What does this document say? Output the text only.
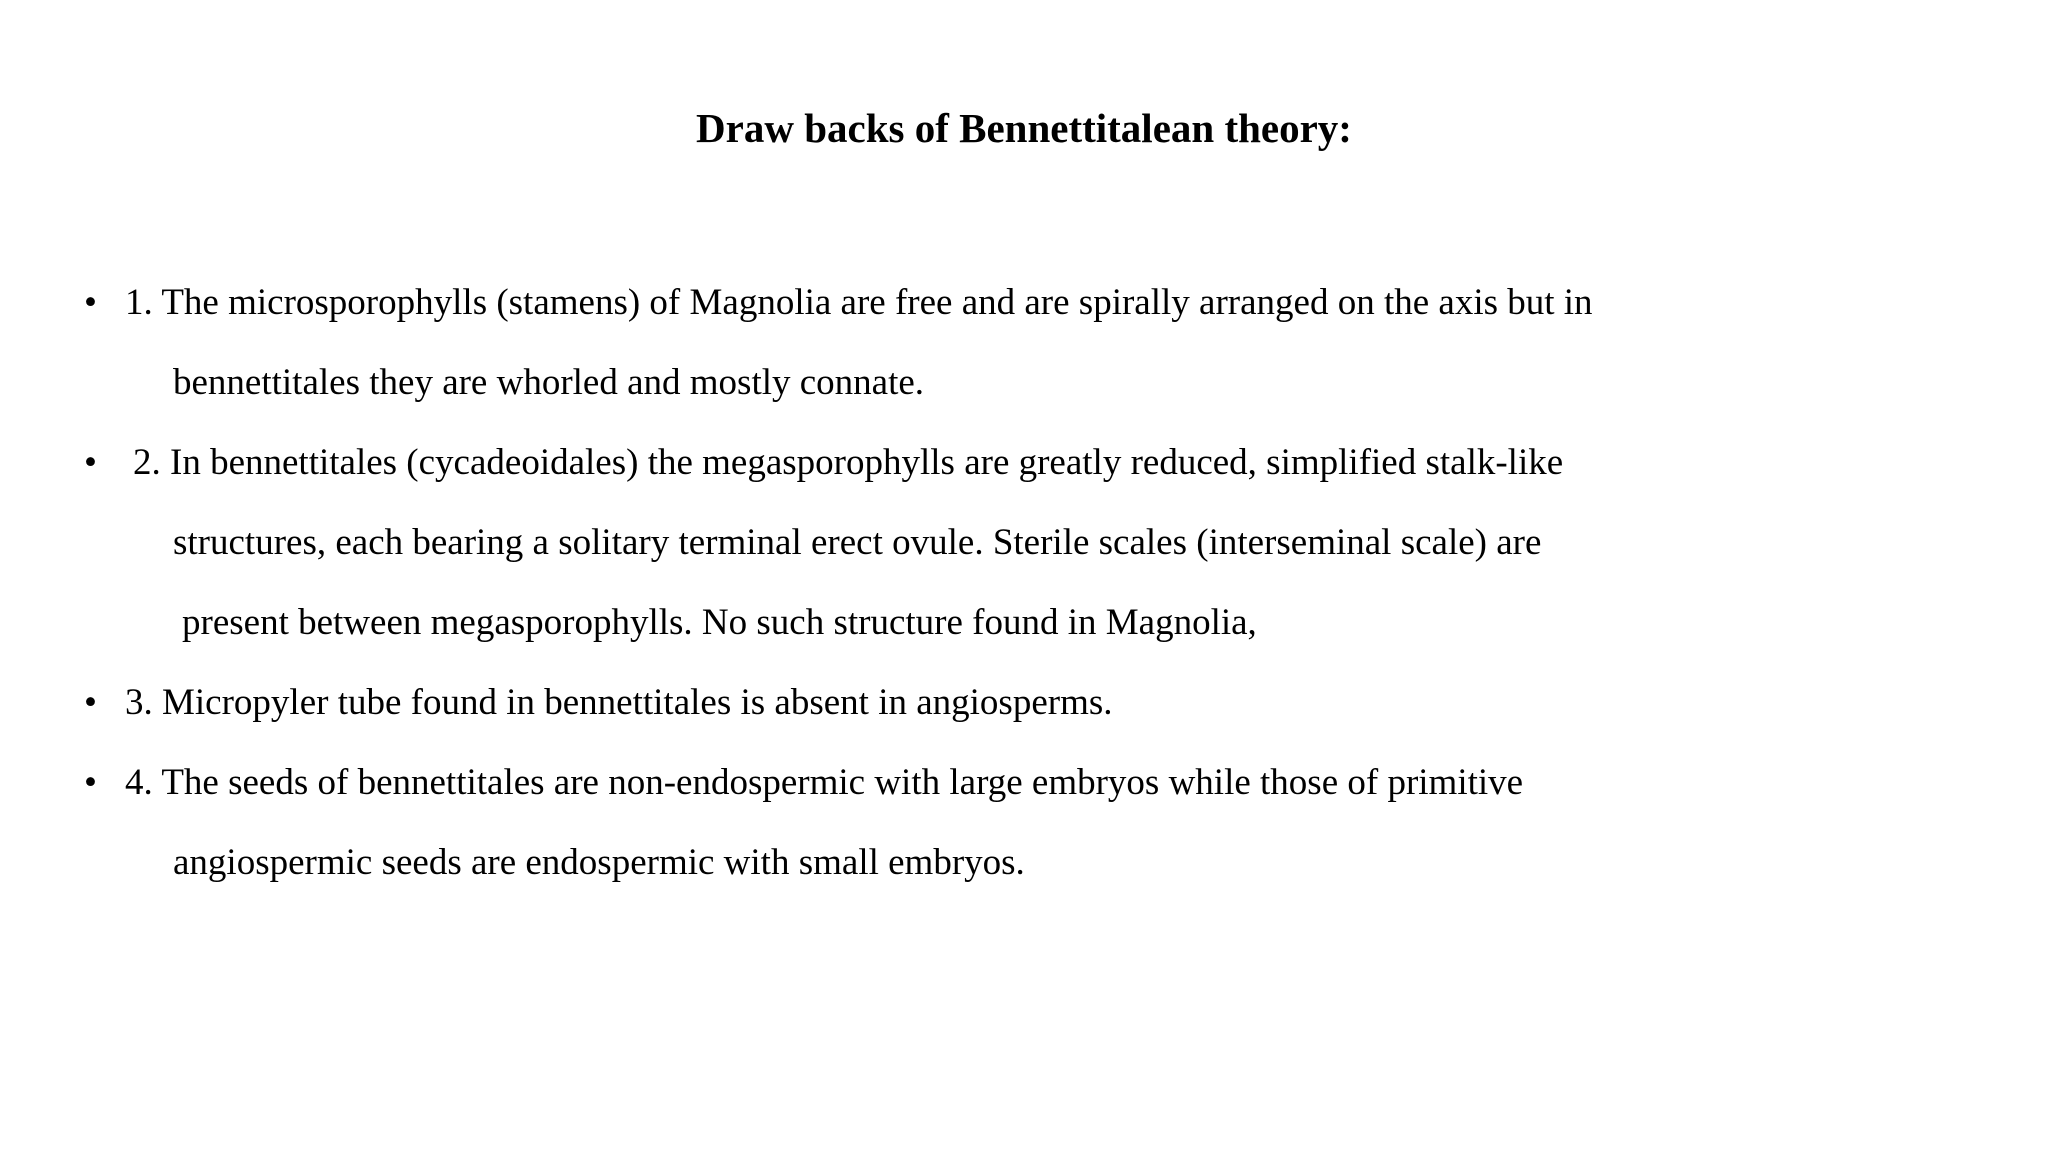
Draw backs of Bennettitalean theory:
• 1. The microsporophylls (stamens) of Magnolia are free and are spirally arranged on the axis but in
bennettitales they are whorled and mostly connate.
• 2. In bennettitales (cycadeoidales) the megasporophylls are greatly reduced, simplified stalk-like
structures, each bearing a solitary terminal erect ovule. Sterile scales (interseminal scale) are
present between megasporophylls. No such structure found in Magnolia,
• 3. Micropyler tube found in bennettitales is absent in angiosperms.
• 4. The seeds of bennettitales are non-endospermic with large embryos while those of primitive
angiospermic seeds are endospermic with small embryos.
